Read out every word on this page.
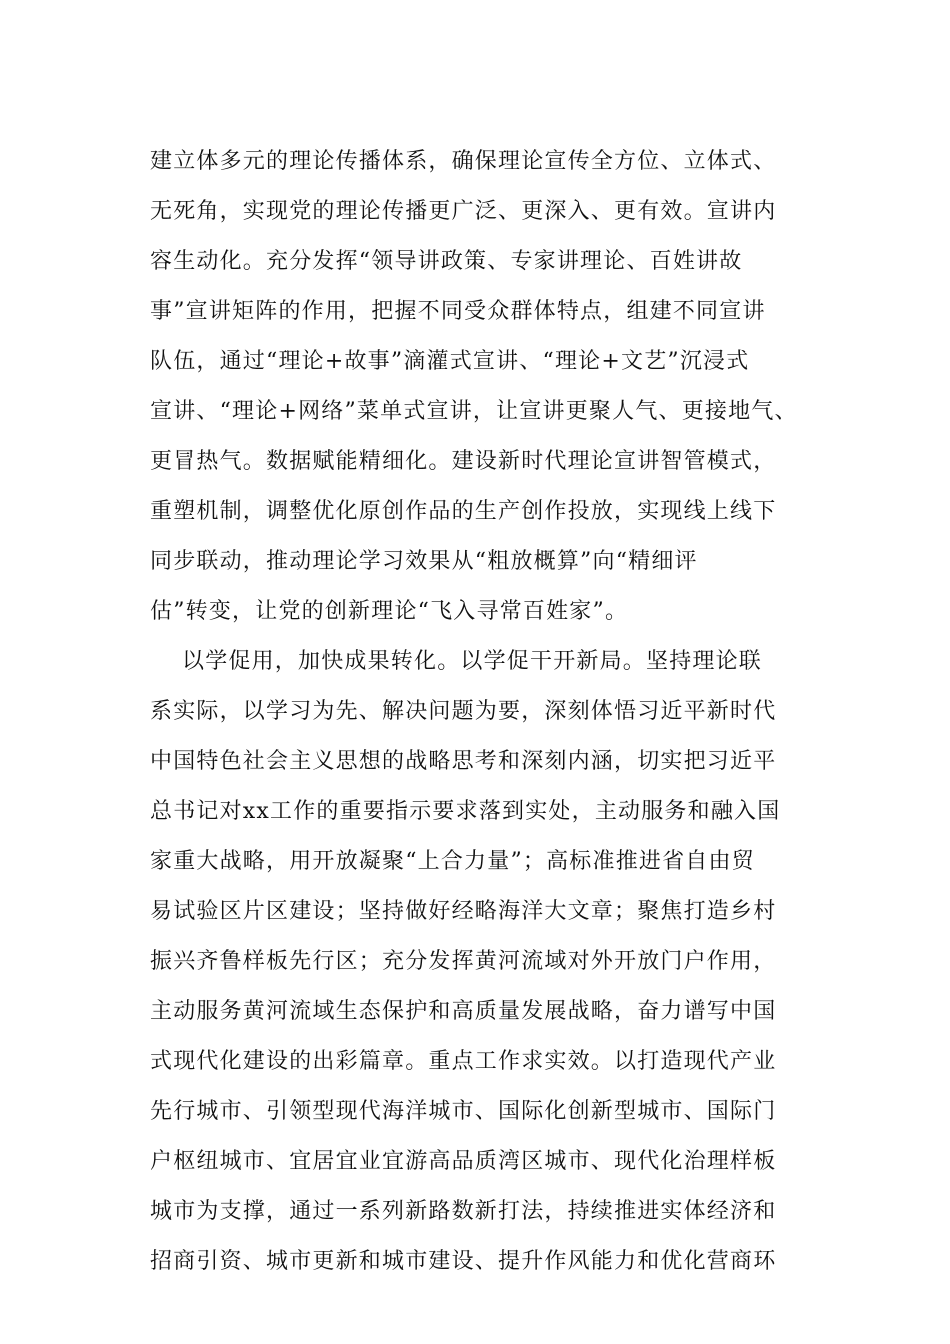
建立体多元的理论传播体系，确保理论宣传全方位、立体式、
无死角，实现党的理论传播更广泛、更深入、更有效。宣讲内
容生动化。充分发挥“领导讲政策、专家讲理论、百姓讲故
事”宣讲矩阵的作用，把握不同受众群体特点，组建不同宣讲
队伍，通过“理论+故事”滴灌式宣讲、“理论+文艺”沉浸式
宣讲、“理论+网络”菜单式宣讲，让宣讲更聚人气、更接地气、
更冒热气。数据赋能精细化。建设新时代理论宣讲智管模式，
重塑机制，调整优化原创作品的生产创作投放，实现线上线下
同步联动，推动理论学习效果从“粗放概算”向“精细评
估”转变，让党的创新理论“飞入寻常百姓家”。
以学促用，加快成果转化。以学促干开新局。坚持理论联
系实际，以学习为先、解决问题为要，深刻体悟习近平新时代
中国特色社会主义思想的战略思考和深刻内涵，切实把习近平
总书记对xx工作的重要指示要求落到实处，主动服务和融入国
家重大战略，用开放凝聚“上合力量”；高标准推进省自由贸
易试验区片区建设；坚持做好经略海洋大文章；聚焦打造乡村
振兴齐鲁样板先行区；充分发挥黄河流域对外开放门户作用，
主动服务黄河流域生态保护和高质量发展战略，奋力谱写中国
式现代化建设的出彩篇章。重点工作求实效。以打造现代产业
先行城市、引领型现代海洋城市、国际化创新型城市、国际门
户枢纽城市、宜居宜业宜游高品质湾区城市、现代化治理样板
城市为支撑，通过一系列新路数新打法，持续推进实体经济和
招商引资、城市更新和城市建设、提升作风能力和优化营商环
